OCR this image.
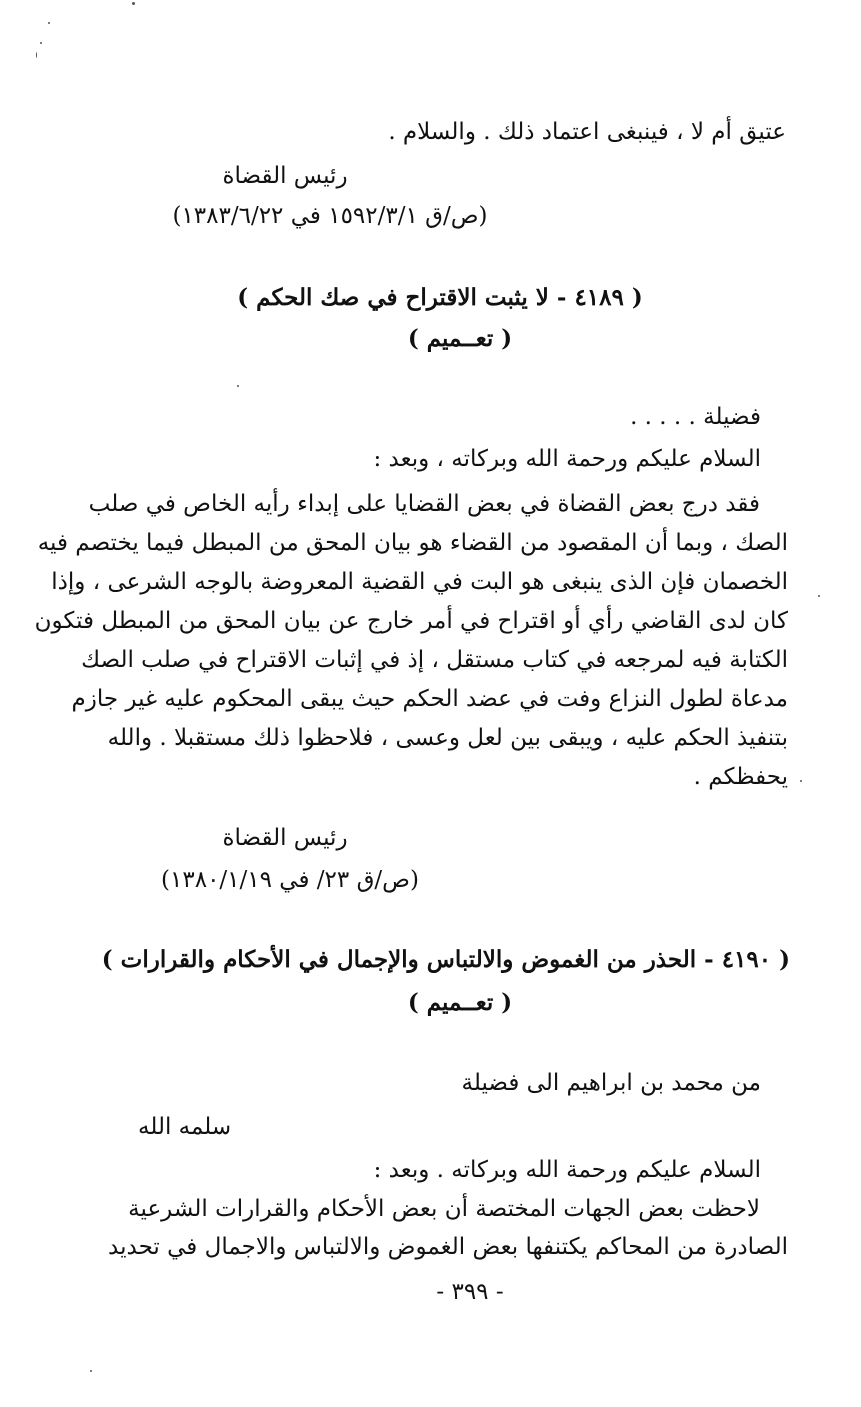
عتيق أم لا ، فينبغى اعتماد ذلك . والسلام .

رئيس القضاة

(ص/ق ١٥٩٢/٣/١ في ١٣٨٣/٦/٢٢)

( ٤١٨٩ - لا يثبت الاقتراح في صك الحكم )

( تعــميم )

فضيلة . . . . .

السلام عليكم ورحمة الله وبركاته ، وبعد :

فقد درج بعض القضاة في بعض القضايا على إبداء رأيه الخاص في صلب

الصك ، وبما أن المقصود من القضاء هو بيان المحق من المبطل فيما يختصم فيه

الخصمان فإن الذى ينبغى هو البت في القضية المعروضة بالوجه الشرعى ، وإذا

كان لدى القاضي رأي أو اقتراح في أمر خارج عن بيان المحق من المبطل فتكون

الكتابة فيه لمرجعه في كتاب مستقل ، إذ في إثبات الاقتراح في صلب الصك

مدعاة لطول النزاع وفت في عضد الحكم حيث يبقى المحكوم عليه غير جازم

بتنفيذ الحكم عليه ، ويبقى بين لعل وعسى ، فلاحظوا ذلك مستقبلا . والله

يحفظكم .

رئيس القضاة

(ص/ق ٢٣/ في ١٣٨٠/١/١٩)

( ٤١٩٠ - الحذر من الغموض والالتباس والإجمال في الأحكام والقرارات )

( تعــميم )

من محمد بن ابراهيم الى فضيلة

سلمه الله

السلام عليكم ورحمة الله وبركاته . وبعد :

لاحظت بعض الجهات المختصة أن بعض الأحكام والقرارات الشرعية

الصادرة من المحاكم يكتنفها بعض الغموض والالتباس والاجمال في تحديد

- ٣٩٩ -
